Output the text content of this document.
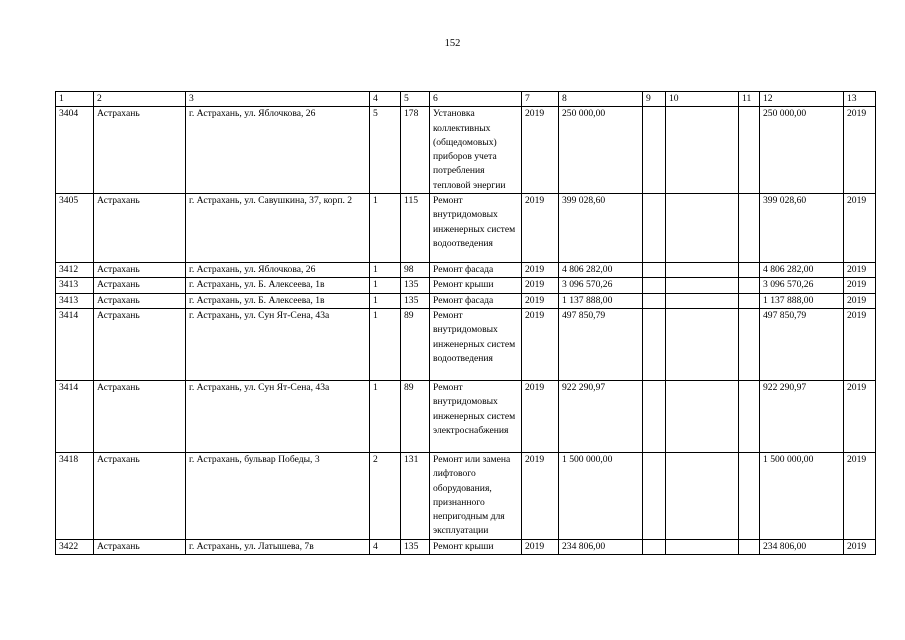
152
1	2	3	4	5	6	7	8	9	10	11	12	13
3404	Астрахань	г. Астрахань, ул. Яблочкова, 26	5	178	Установка коллективных (общедомовых) приборов учета потребления тепловой энергии	2019	250 000,00				250 000,00	2019
3405	Астрахань	г. Астрахань, ул. Савушкина, 37, корп. 2	1	115	Ремонт внутридомовых инженерных систем водоотведения	2019	399 028,60				399 028,60	2019
3412	Астрахань	г. Астрахань, ул. Яблочкова, 26	1	98	Ремонт фасада	2019	4 806 282,00				4 806 282,00	2019
3413	Астрахань	г. Астрахань, ул. Б. Алексеева, 1в	1	135	Ремонт крыши	2019	3 096 570,26				3 096 570,26	2019
3413	Астрахань	г. Астрахань, ул. Б. Алексеева, 1в	1	135	Ремонт фасада	2019	1 137 888,00				1 137 888,00	2019
3414	Астрахань	г. Астрахань, ул. Сун Ят-Сена, 43а	1	89	Ремонт внутридомовых инженерных систем водоотведения	2019	497 850,79				497 850,79	2019
3414	Астрахань	г. Астрахань, ул. Сун Ят-Сена, 43а	1	89	Ремонт внутридомовых инженерных систем электроснабжения	2019	922 290,97				922 290,97	2019
3418	Астрахань	г. Астрахань, бульвар Победы, 3	2	131	Ремонт или замена лифтового оборудования, признанного непригодным для эксплуатации	2019	1 500 000,00				1 500 000,00	2019
3422	Астрахань	г. Астрахань, ул. Латышева, 7в	4	135	Ремонт крыши	2019	234 806,00				234 806,00	2019
